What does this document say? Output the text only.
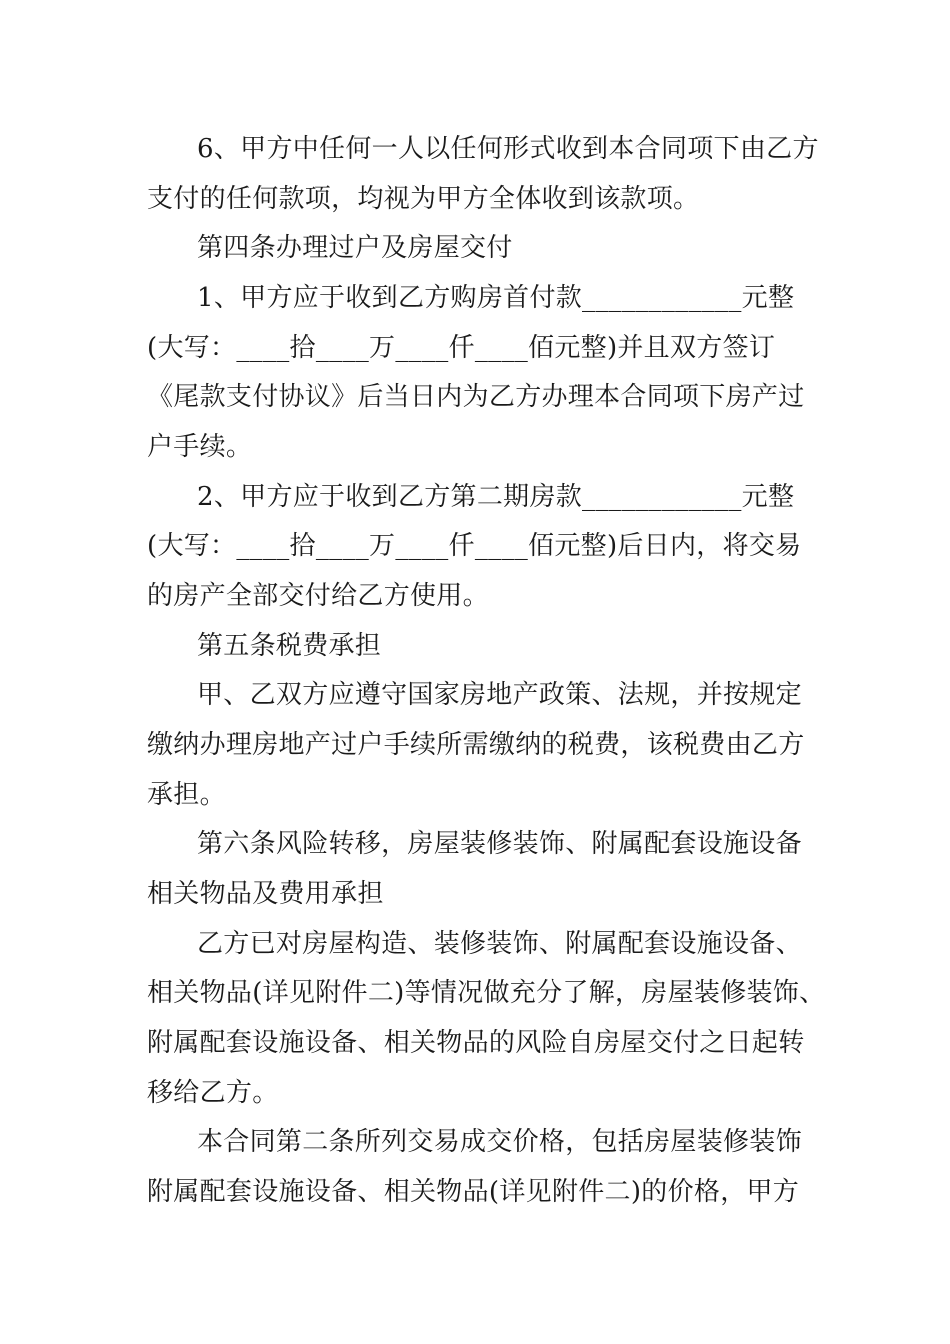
6、甲方中任何一人以任何形式收到本合同项下由乙方
支付的任何款项，均视为甲方全体收到该款项。
第四条办理过户及房屋交付
1、甲方应于收到乙方购房首付款____________元整
(大写：____拾____万____仟____佰元整)并且双方签订
《尾款支付协议》后当日内为乙方办理本合同项下房产过
户手续。
2、甲方应于收到乙方第二期房款____________元整
(大写：____拾____万____仟____佰元整)后日内，将交易
的房产全部交付给乙方使用。
第五条税费承担
甲、乙双方应遵守国家房地产政策、法规，并按规定
缴纳办理房地产过户手续所需缴纳的税费，该税费由乙方
承担。
第六条风险转移，房屋装修装饰、附属配套设施设备
相关物品及费用承担
乙方已对房屋构造、装修装饰、附属配套设施设备、
相关物品(详见附件二)等情况做充分了解，房屋装修装饰、
附属配套设施设备、相关物品的风险自房屋交付之日起转
移给乙方。
本合同第二条所列交易成交价格，包括房屋装修装饰
附属配套设施设备、相关物品(详见附件二)的价格，甲方
